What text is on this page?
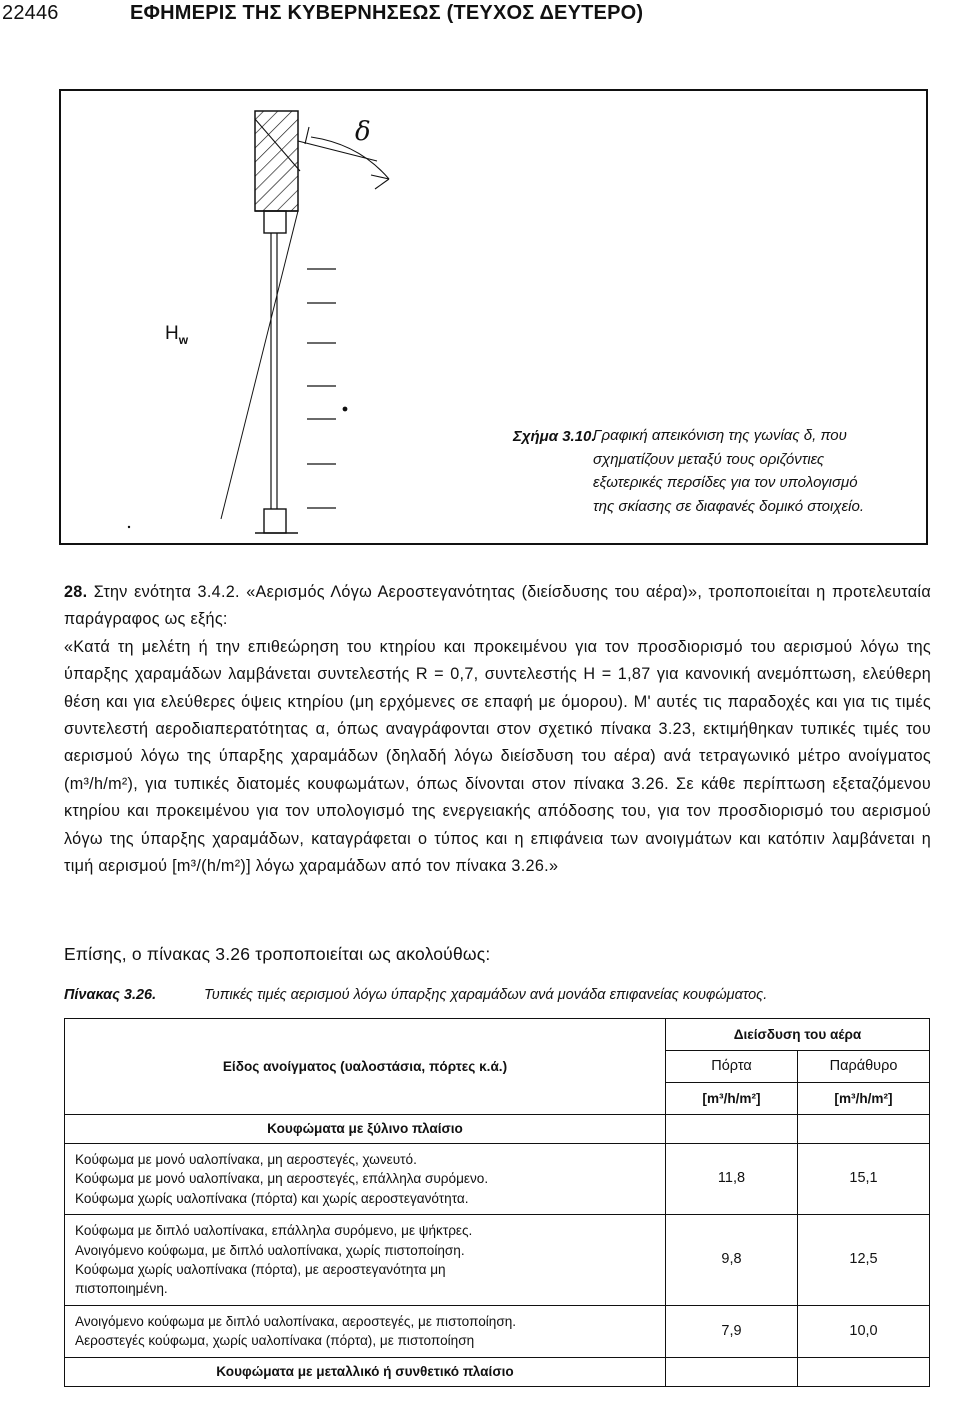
22446	ΕΦΗΜΕΡΙΣ ΤΗΣ ΚΥΒΕΡΝΗΣΕΩΣ (ΤΕΥΧΟΣ ΔΕΥΤΕΡΟ)
$H_w$
δ
Σχήμα 3.10.
Γραφική απεικόνιση της γωνίας δ, που
σχηματίζουν μεταξύ τους οριζόντιες
εξωτερικές περσίδες για τον υπολογισμό
της σκίασης σε διαφανές δομικό στοιχείο.
28. Στην ενότητα 3.4.2. «Αερισμός Λόγω Αεροστεγανότητας (διείσδυσης του αέρα)», τροποποιείται η προτελευταία παράγραφος ως εξής:
«Κατά τη μελέτη ή την επιθεώρηση του κτηρίου και προκειμένου για τον προσδιορισμό του αερισμού λόγω της ύπαρξης χαραμάδων λαμβάνεται συντελεστής R = 0,7, συντελεστής H = 1,87 για κανονική ανεμόπτωση, ελεύθερη θέση και για ελεύθερες όψεις κτηρίου (μη ερχόμενες σε επαφή με όμορου). Μ' αυτές τις παραδοχές και για τις τιμές συντελεστή αεροδιαπερατότητας α, όπως αναγράφονται στον σχετικό πίνακα 3.23, εκτιμήθηκαν τυπικές τιμές του αερισμού λόγω της ύπαρξης χαραμάδων (δηλαδή λόγω διείσδυση του αέρα) ανά τετραγωνικό μέτρο ανοίγματος (m³/h/m²), για τυπικές διατομές κουφωμάτων, όπως δίνονται στον πίνακα 3.26. Σε κάθε περίπτωση εξεταζόμενου κτηρίου και προκειμένου για τον υπολογισμό της ενεργειακής απόδοσης του, για τον προσδιορισμό του αερισμού λόγω της ύπαρξης χαραμάδων, καταγράφεται ο τύπος και η επιφάνεια των ανοιγμάτων και κατόπιν λαμβάνεται η τιμή αερισμού [m³/(h/m²)] λόγω χαραμάδων από τον πίνακα 3.26.»
Επίσης, ο πίνακας 3.26 τροποποιείται ως ακολούθως:
Πίνακας 3.26.	Τυπικές τιμές αερισμού λόγω ύπαρξης χαραμάδων ανά μονάδα επιφανείας κουφώματος.
Είδος ανοίγματος (υαλοστάσια, πόρτες κ.ά.)	Διείσδυση του αέρα	
	Πόρτα	Παράθυρο
	[m³/h/m²]	[m³/h/m²]
Κουφώματα με ξύλινο πλαίσιο		

Κούφωμα με μονό υαλοπίνακα, μη αεροστεγές, χωνευτό.
Κούφωμα με μονό υαλοπίνακα, μη αεροστεγές, επάλληλα συρόμενο.
Κούφωμα χωρίς υαλοπίνακα (πόρτα) και χωρίς αεροστεγανότητα.	11,8	15,1

Κούφωμα με διπλό υαλοπίνακα, επάλληλα συρόμενο, με ψήκτρες.
Ανοιγόμενο κούφωμα, με διπλό υαλοπίνακα, χωρίς πιστοποίηση.
Κούφωμα χωρίς υαλοπίνακα (πόρτα), με αεροστεγανότητα μη
πιστοποιημένη.	9,8	12,5

Ανοιγόμενο κούφωμα με διπλό υαλοπίνακα, αεροστεγές, με πιστοποίηση.
Αεροστεγές κούφωμα, χωρίς υαλοπίνακα (πόρτα), με πιστοποίηση	7,9	10,0
Κουφώματα με μεταλλικό ή συνθετικό πλαίσιο		
